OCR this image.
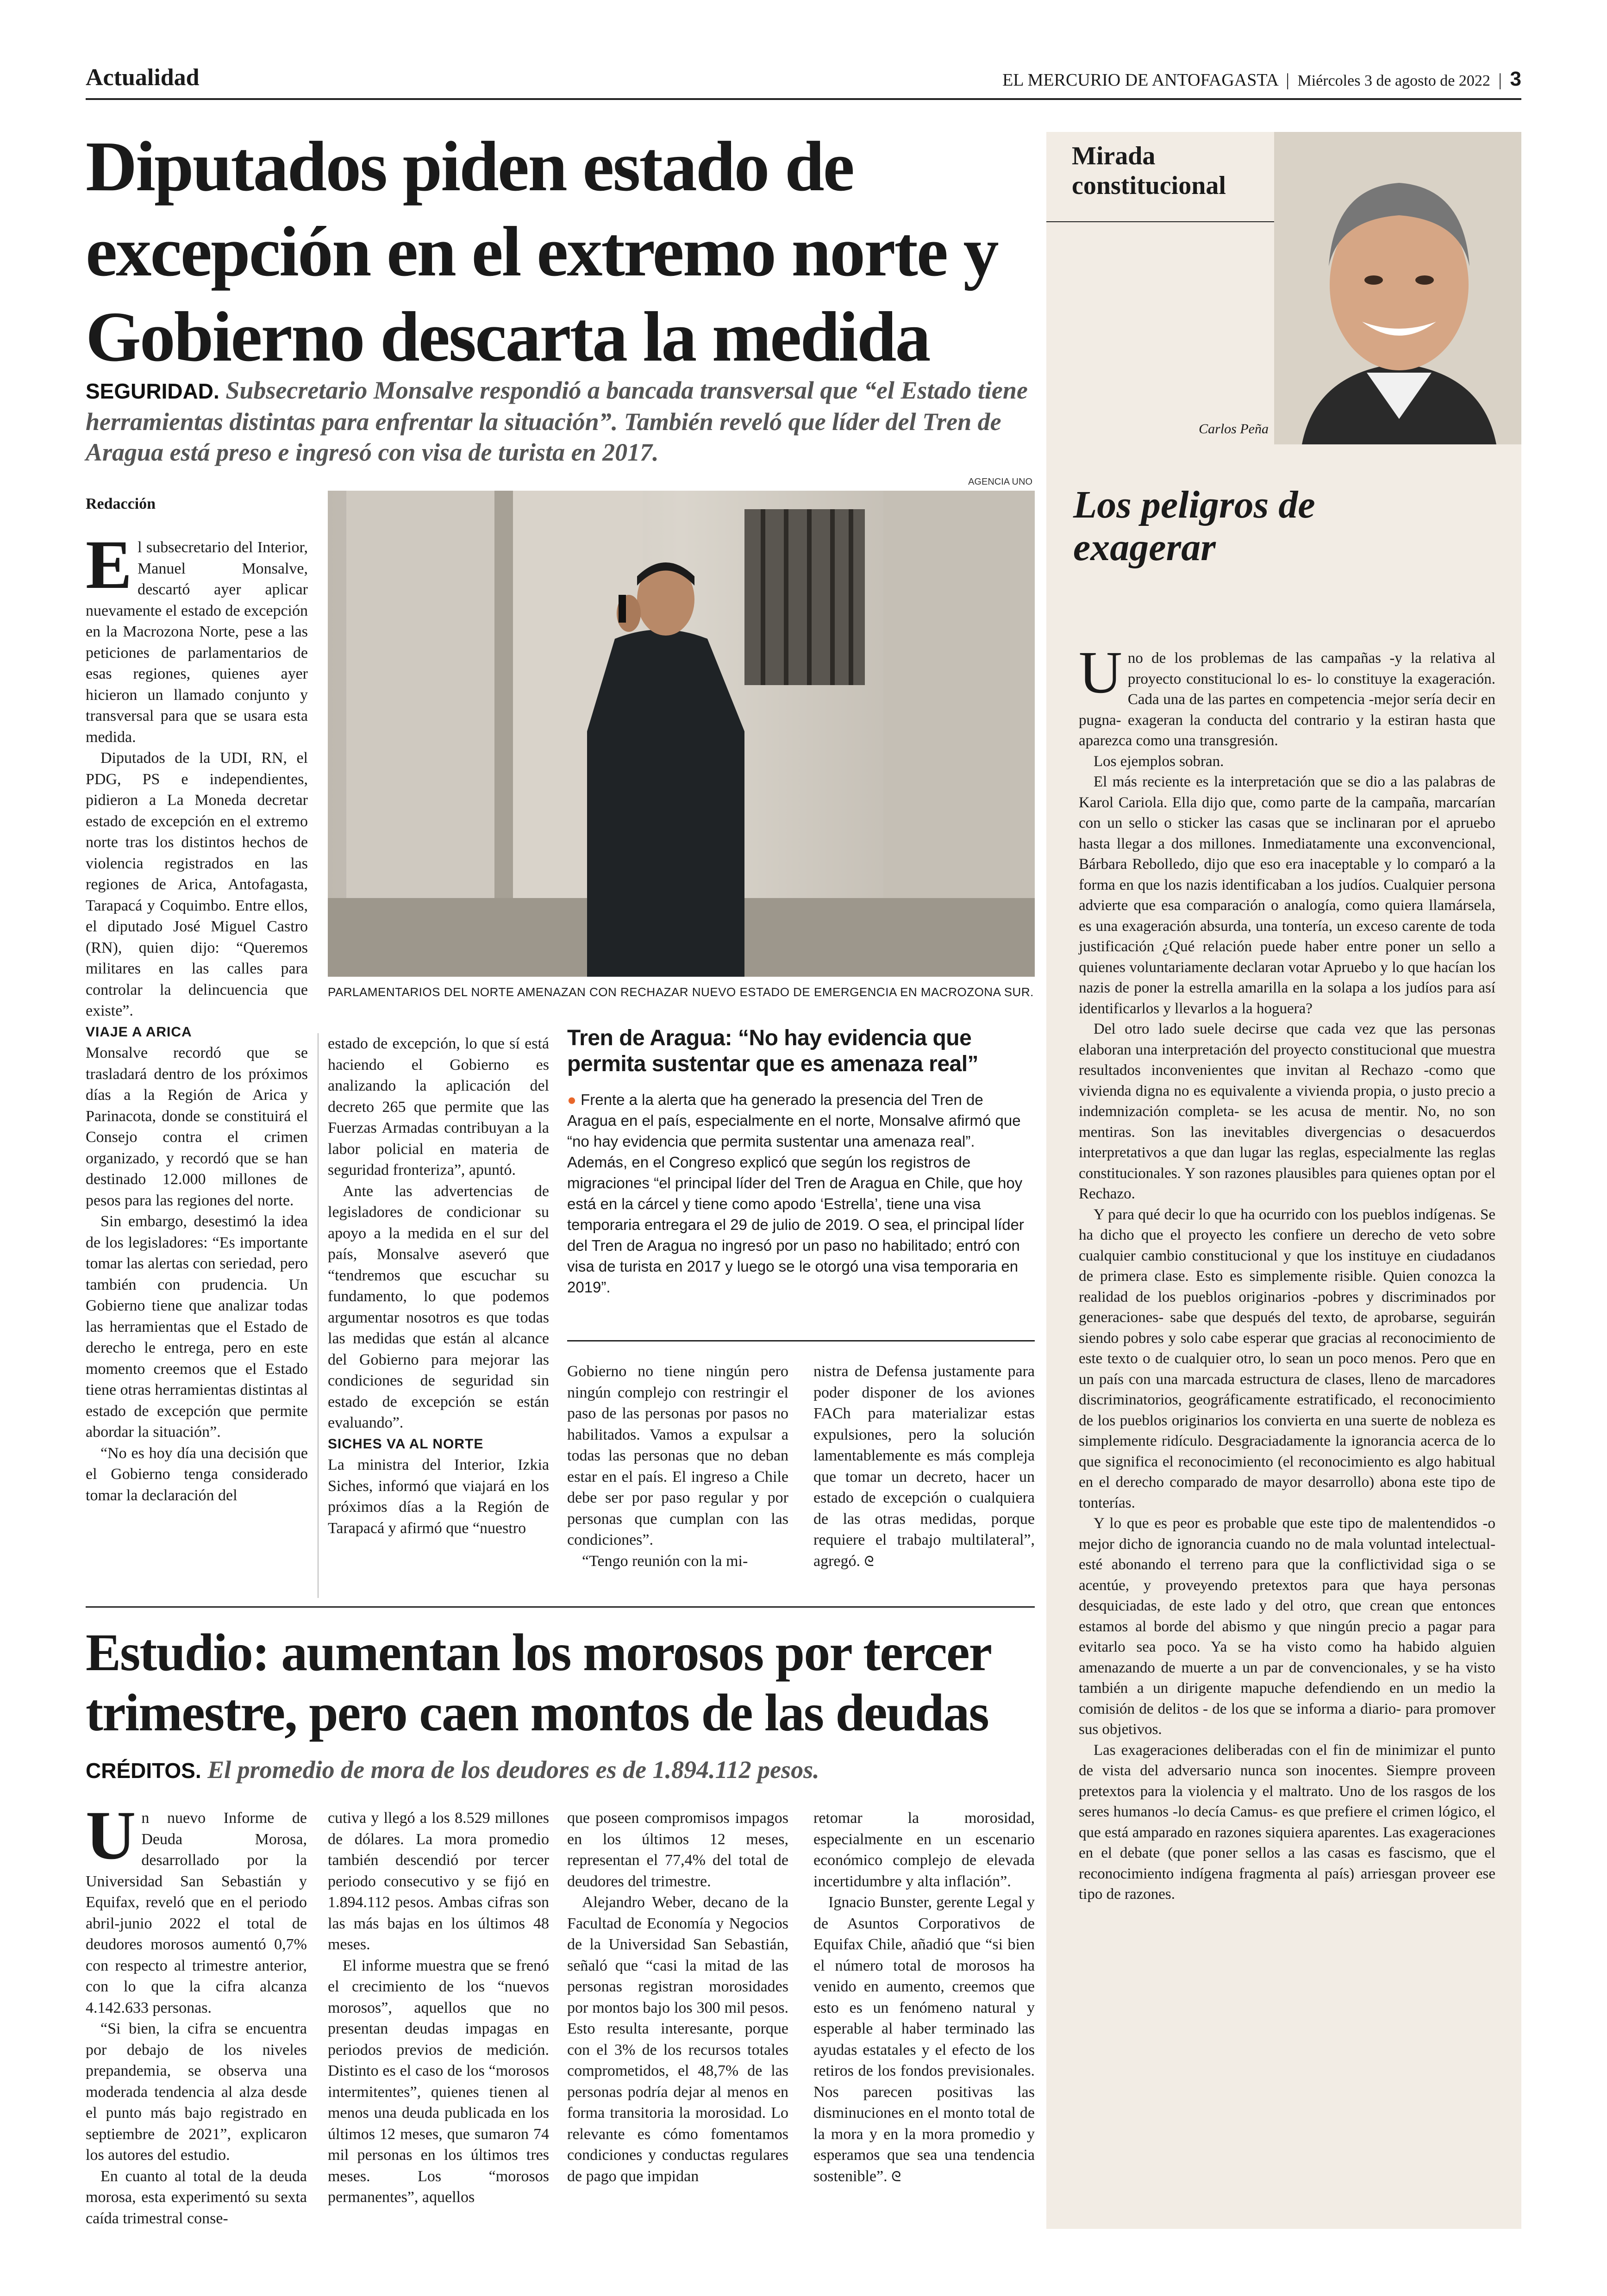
Actualidad	EL MERCURIO DE ANTOFAGASTA | Miércoles 3 de agosto de 2022 | 3
Diputados piden estado de excepción en el extremo norte y Gobierno descarta la medida
SEGURIDAD. Subsecretario Monsalve respondió a bancada transversal que “el Estado tiene herramientas distintas para enfrentar la situación”. También reveló que líder del Tren de Aragua está preso e ingresó con visa de turista en 2017.
AGENCIA UNO
Redacción
PARLAMENTARIOS DEL NORTE AMENAZAN CON RECHAZAR NUEVO ESTADO DE EMERGENCIA EN MACROZONA SUR.

El subsecretario del Interior, Manuel Monsalve, descartó ayer aplicar nuevamente el estado de excepción en la Macrozona Norte, pese a las peticiones de parlamentarios de esas regiones, quienes ayer hicieron un llamado conjunto y transversal para que se usara esta medida.

Diputados de la UDI, RN, el PDG, PS e independientes, pidieron a La Moneda decretar estado de excepción en el extremo norte tras los distintos hechos de violencia registrados en las regiones de Arica, Antofagasta, Tarapacá y Coquimbo. Entre ellos, el diputado José Miguel Castro (RN), quien dijo: “Queremos militares en las calles para controlar la delincuencia que existe”.

VIAJE A ARICA

Monsalve recordó que se trasladará dentro de los próximos días a la Región de Arica y Parinacota, donde se constituirá el Consejo contra el crimen organizado, y recordó que se han destinado 12.000 millones de pesos para las regiones del norte.

Sin embargo, desestimó la idea de los legisladores: “Es importante tomar las alertas con seriedad, pero también con prudencia. Un Gobierno tiene que analizar todas las herramientas que el Estado de derecho le entrega, pero en este momento creemos que el Estado tiene otras herramientas distintas al estado de excepción que permite abordar la situación”.

“No es hoy día una decisión que el Gobierno tenga considerado tomar la declaración del

estado de excepción, lo que sí está haciendo el Gobierno es analizando la aplicación del decreto 265 que permite que las Fuerzas Armadas contribuyan a la labor policial en materia de seguridad fronteriza”, apuntó.

Ante las advertencias de legisladores de condicionar su apoyo a la medida en el sur del país, Monsalve aseveró que “tendremos que escuchar su fundamento, lo que podemos argumentar nosotros es que todas las medidas que están al alcance del Gobierno para mejorar las condiciones de seguridad sin estado de excepción se están evaluando”.

SICHES VA AL NORTE

La ministra del Interior, Izkia Siches, informó que viajará en los próximos días a la Región de Tarapacá y afirmó que “nuestro

Tren de Aragua: “No hay evidencia que permita sustentar que es amenaza real”
● Frente a la alerta que ha generado la presencia del Tren de Aragua en el país, especialmente en el norte, Monsalve afirmó que “no hay evidencia que permita sustentar una amenaza real”. Además, en el Congreso explicó que según los registros de migraciones “el principal líder del Tren de Aragua en Chile, que hoy está en la cárcel y tiene como apodo ‘Estrella’, tiene una visa temporaria entregara el 29 de julio de 2019. O sea, el principal líder del Tren de Aragua no ingresó por un paso no habilitado; entró con visa de turista en 2017 y luego se le otorgó una visa temporaria en 2019”.

Gobierno no tiene ningún pero ningún complejo con restringir el paso de las personas por pasos no habilitados. Vamos a expulsar a todas las personas que no deban estar en el país. El ingreso a Chile debe ser por paso regular y por personas que cumplan con las condiciones”.

“Tengo reunión con la mi-

nistra de Defensa justamente para poder disponer de los aviones FACh para materializar estas expulsiones, pero la solución lamentablemente es más compleja que tomar un decreto, hacer un estado de excepción o cualquiera de las otras medidas, porque requiere el trabajo multilateral”, agregó. ᘓ

Estudio: aumentan los morosos por tercer trimestre, pero caen montos de las deudas
CRÉDITOS. El promedio de mora de los deudores es de 1.894.112 pesos.

Un nuevo Informe de Deuda Morosa, desarrollado por la Universidad San Sebastián y Equifax, reveló que en el periodo abril-junio 2022 el total de deudores morosos aumentó 0,7% con respecto al trimestre anterior, con lo que la cifra alcanza 4.142.633 personas.

“Si bien, la cifra se encuentra por debajo de los niveles prepandemia, se observa una moderada tendencia al alza desde el punto más bajo registrado en septiembre de 2021”, explicaron los autores del estudio.

En cuanto al total de la deuda morosa, esta experimentó su sexta caída trimestral conse-

cutiva y llegó a los 8.529 millones de dólares. La mora promedio también descendió por tercer periodo consecutivo y se fijó en 1.894.112 pesos. Ambas cifras son las más bajas en los últimos 48 meses.

El informe muestra que se frenó el crecimiento de los “nuevos morosos”, aquellos que no presentan deudas impagas en periodos previos de medición. Distinto es el caso de los “morosos intermitentes”, quienes tienen al menos una deuda publicada en los últimos 12 meses, que sumaron 74 mil personas en los últimos tres meses. Los “morosos permanentes”, aquellos

que poseen compromisos impagos en los últimos 12 meses, representan el 77,4% del total de deudores del trimestre.

Alejandro Weber, decano de la Facultad de Economía y Negocios de la Universidad San Sebastián, señaló que “casi la mitad de las personas registran morosidades por montos bajo los 300 mil pesos. Esto resulta interesante, porque con el 3% de los recursos totales comprometidos, el 48,7% de las personas podría dejar al menos en forma transitoria la morosidad. Lo relevante es cómo fomentamos condiciones y conductas regulares de pago que impidan

retomar la morosidad, especialmente en un escenario económico complejo de elevada incertidumbre y alta inflación”.

Ignacio Bunster, gerente Legal y de Asuntos Corporativos de Equifax Chile, añadió que “si bien el número total de morosos ha venido en aumento, creemos que esto es un fenómeno natural y esperable al haber terminado las ayudas estatales y el efecto de los retiros de los fondos previsionales. Nos parecen positivas las disminuciones en el monto total de la mora y en la mora promedio y esperamos que sea una tendencia sostenible”. ᘓ

Mirada constitucional
Carlos Peña
Los peligros de exagerar

Uno de los problemas de las campañas -y la relativa al proyecto constitucional lo es- lo constituye la exageración. Cada una de las partes en competencia -mejor sería decir en pugna- exageran la conducta del contrario y la estiran hasta que aparezca como una transgresión.

Los ejemplos sobran.

El más reciente es la interpretación que se dio a las palabras de Karol Cariola. Ella dijo que, como parte de la campaña, marcarían con un sello o sticker las casas que se inclinaran por el apruebo hasta llegar a dos millones. Inmediatamente una exconvencional, Bárbara Rebolledo, dijo que eso era inaceptable y lo comparó a la forma en que los nazis identificaban a los judíos. Cualquier persona advierte que esa comparación o analogía, como quiera llamársela, es una exageración absurda, una tontería, un exceso carente de toda justificación ¿Qué relación puede haber entre poner un sello a quienes voluntariamente declaran votar Apruebo y lo que hacían los nazis de poner la estrella amarilla en la solapa a los judíos para así identificarlos y llevarlos a la hoguera?

Del otro lado suele decirse que cada vez que las personas elaboran una interpretación del proyecto constitucional que muestra resultados inconvenientes que invitan al Rechazo -como que vivienda digna no es equivalente a vivienda propia, o justo precio a indemnización completa- se les acusa de mentir. No, no son mentiras. Son las inevitables divergencias o desacuerdos interpretativos a que dan lugar las reglas, especialmente las reglas constitucionales. Y son razones plausibles para quienes optan por el Rechazo.

Y para qué decir lo que ha ocurrido con los pueblos indígenas. Se ha dicho que el proyecto les confiere un derecho de veto sobre cualquier cambio constitucional y que los instituye en ciudadanos de primera clase. Esto es simplemente risible. Quien conozca la realidad de los pueblos originarios -pobres y discriminados por generaciones- sabe que después del texto, de aprobarse, seguirán siendo pobres y solo cabe esperar que gracias al reconocimiento de este texto o de cualquier otro, lo sean un poco menos. Pero que en un país con una marcada estructura de clases, lleno de marcadores discriminatorios, geográficamente estratificado, el reconocimiento de los pueblos originarios los convierta en una suerte de nobleza es simplemente ridículo. Desgraciadamente la ignorancia acerca de lo que significa el reconocimiento (el reconocimiento es algo habitual en el derecho comparado de mayor desarrollo) abona este tipo de tonterías.

Y lo que es peor es probable que este tipo de malentendidos -o mejor dicho de ignorancia cuando no de mala voluntad intelectual- esté abonando el terreno para que la conflictividad siga o se acentúe, y proveyendo pretextos para que haya personas desquiciadas, de este lado y del otro, que crean que entonces estamos al borde del abismo y que ningún precio a pagar para evitarlo sea poco. Ya se ha visto como ha habido alguien amenazando de muerte a un par de convencionales, y se ha visto también a un dirigente mapuche defendiendo en un medio la comisión de delitos - de los que se informa a diario- para promover sus objetivos.

Las exageraciones deliberadas con el fin de minimizar el punto de vista del adversario nunca son inocentes. Siempre proveen pretextos para la violencia y el maltrato. Uno de los rasgos de los seres humanos -lo decía Camus- es que prefiere el crimen lógico, el que está amparado en razones siquiera aparentes. Las exageraciones en el debate (que poner sellos a las casas es fascismo, que el reconocimiento indígena fragmenta al país) arriesgan proveer ese tipo de razones.
